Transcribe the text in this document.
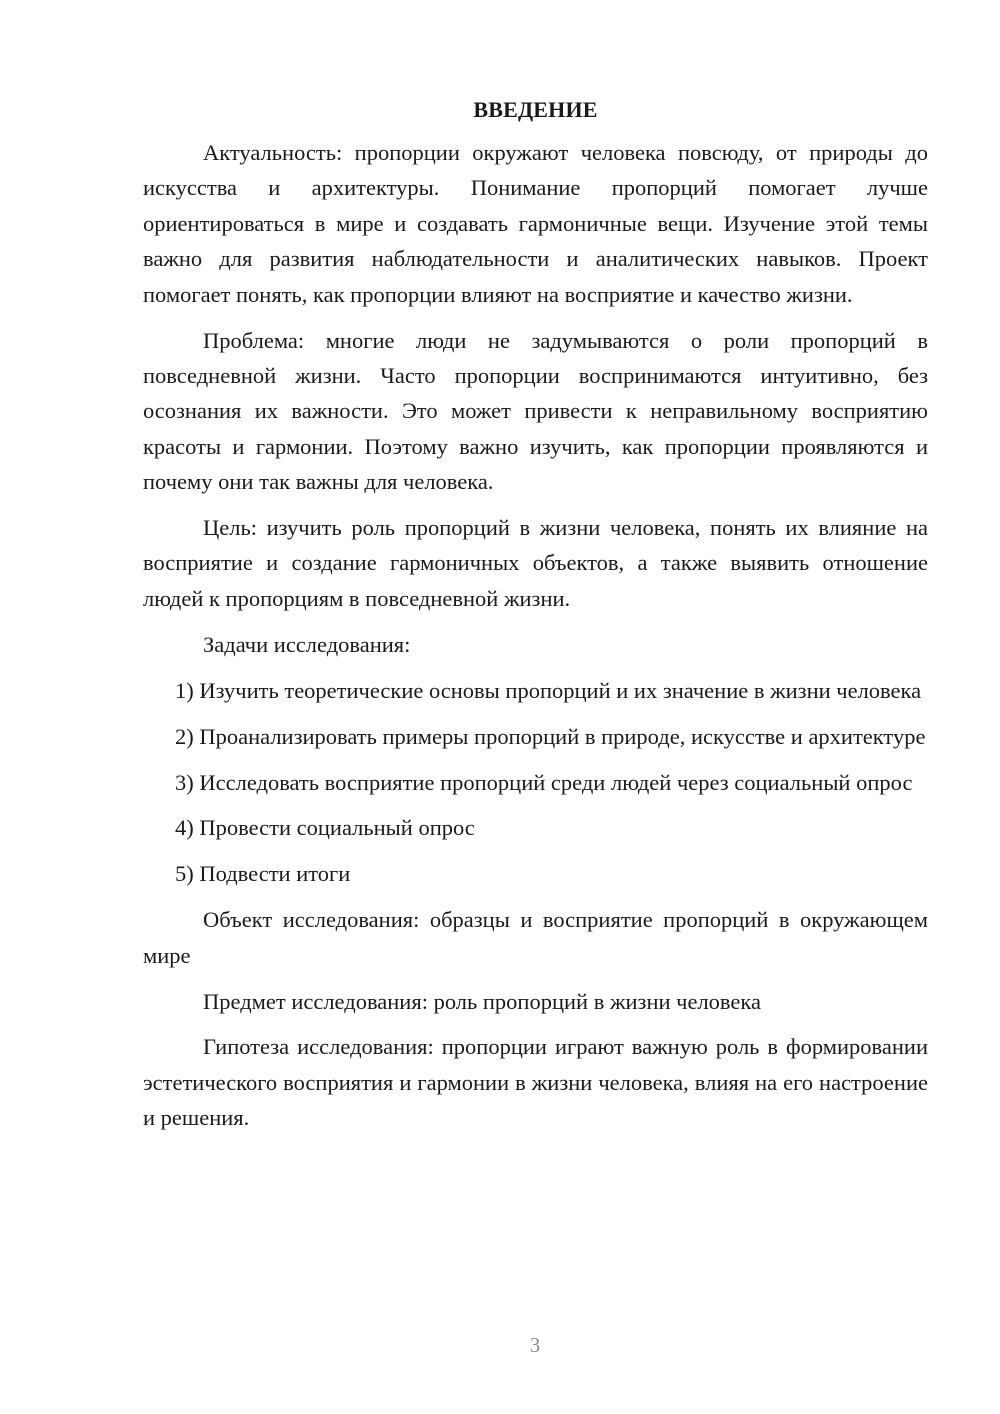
ВВЕДЕНИЕ

Актуальность: пропорции окружают человека повсюду, от природы до искусства и архитектуры. Понимание пропорций помогает лучше ориентироваться в мире и создавать гармоничные вещи. Изучение этой темы важно для развития наблюдательности и аналитических навыков. Проект помогает понять, как пропорции влияют на восприятие и качество жизни.

Проблема: многие люди не задумываются о роли пропорций в повседневной жизни. Часто пропорции воспринимаются интуитивно, без осознания их важности. Это может привести к неправильному восприятию красоты и гармонии. Поэтому важно изучить, как пропорции проявляются и почему они так важны для человека.

Цель: изучить роль пропорций в жизни человека, понять их влияние на восприятие и создание гармоничных объектов, а также выявить отношение людей к пропорциям в повседневной жизни.

Задачи исследования:

1) Изучить теоретические основы пропорций и их значение в жизни человека

2) Проанализировать примеры пропорций в природе, искусстве и архитектуре

3) Исследовать восприятие пропорций среди людей через социальный опрос

4) Провести социальный опрос

5) Подвести итоги

Объект исследования: образцы и восприятие пропорций в окружающем мире

Предмет исследования: роль пропорций в жизни человека

Гипотеза исследования: пропорции играют важную роль в формировании эстетического восприятия и гармонии в жизни человека, влияя на его настроение и решения.

3
